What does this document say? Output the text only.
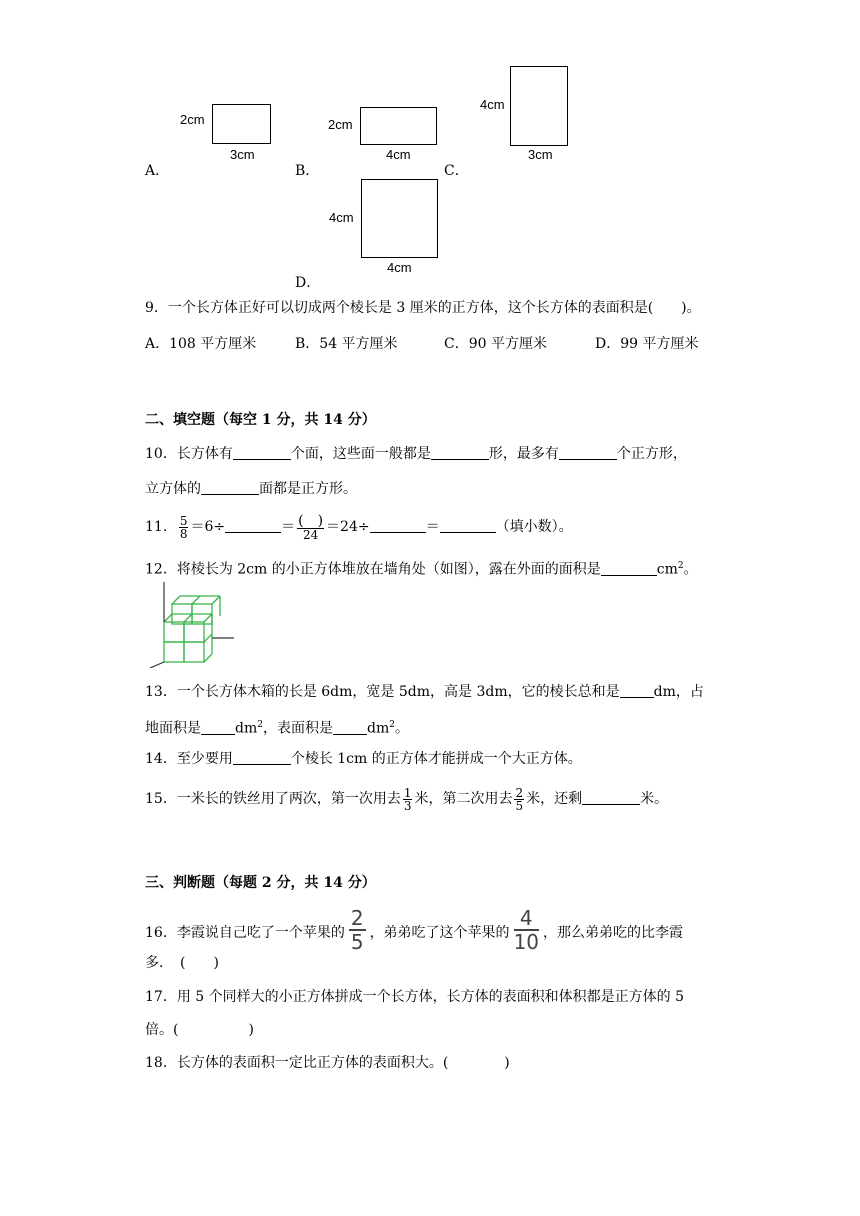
A．
2cm
3cm
B．
2cm
4cm
C．
4cm
3cm
D．
4cm
4cm
9．一个长方体正好可以切成两个棱长是 3 厘米的正方体，这个长方体的表面积是(　　)。
A．108 平方厘米	B．54 平方厘米	C．90 平方厘米	D．99 平方厘米
二、填空题（每空 1 分，共 14 分）
10．长方体有	个面，这些面一般都是	形，最多有	个正方形，
立方体的	面都是正方形。
11． $\frac{5}{8} =6\div$	＝ $\frac{( )}{24} =24\div$	＝	（填小数）。
12．将棱长为 2cm 的小正方体堆放在墙角处（如图），露在外面的面积是	$cm^2$。
13．一个长方体木箱的长是 6dm，宽是 5dm，高是 3dm，它的棱长总和是 dm，占
地面积是 $dm^2$，表面积是 $dm^2$。
14．至少要用	个棱长 1cm 的正方体才能拼成一个大正方体。
15．一米长的铁丝用了两次，第一次用去 $\frac{1}{3}$ 米，第二次用去 $\frac{2}{5}$ 米，还剩	米。
三、判断题（每题 2 分，共 14 分）
16．李霞说自己吃了一个苹果的 $\frac{2}{5}$ ，弟弟吃了这个苹果的 $\frac{4}{10}$ ，那么弟弟吃的比李霞
多．　(　　)
17．用 5 个同样大的小正方体拼成一个长方体，长方体的表面积和体积都是正方体的 5
倍。(　　　　　)
18．长方体的表面积一定比正方体的表面积大。(　　　　)
